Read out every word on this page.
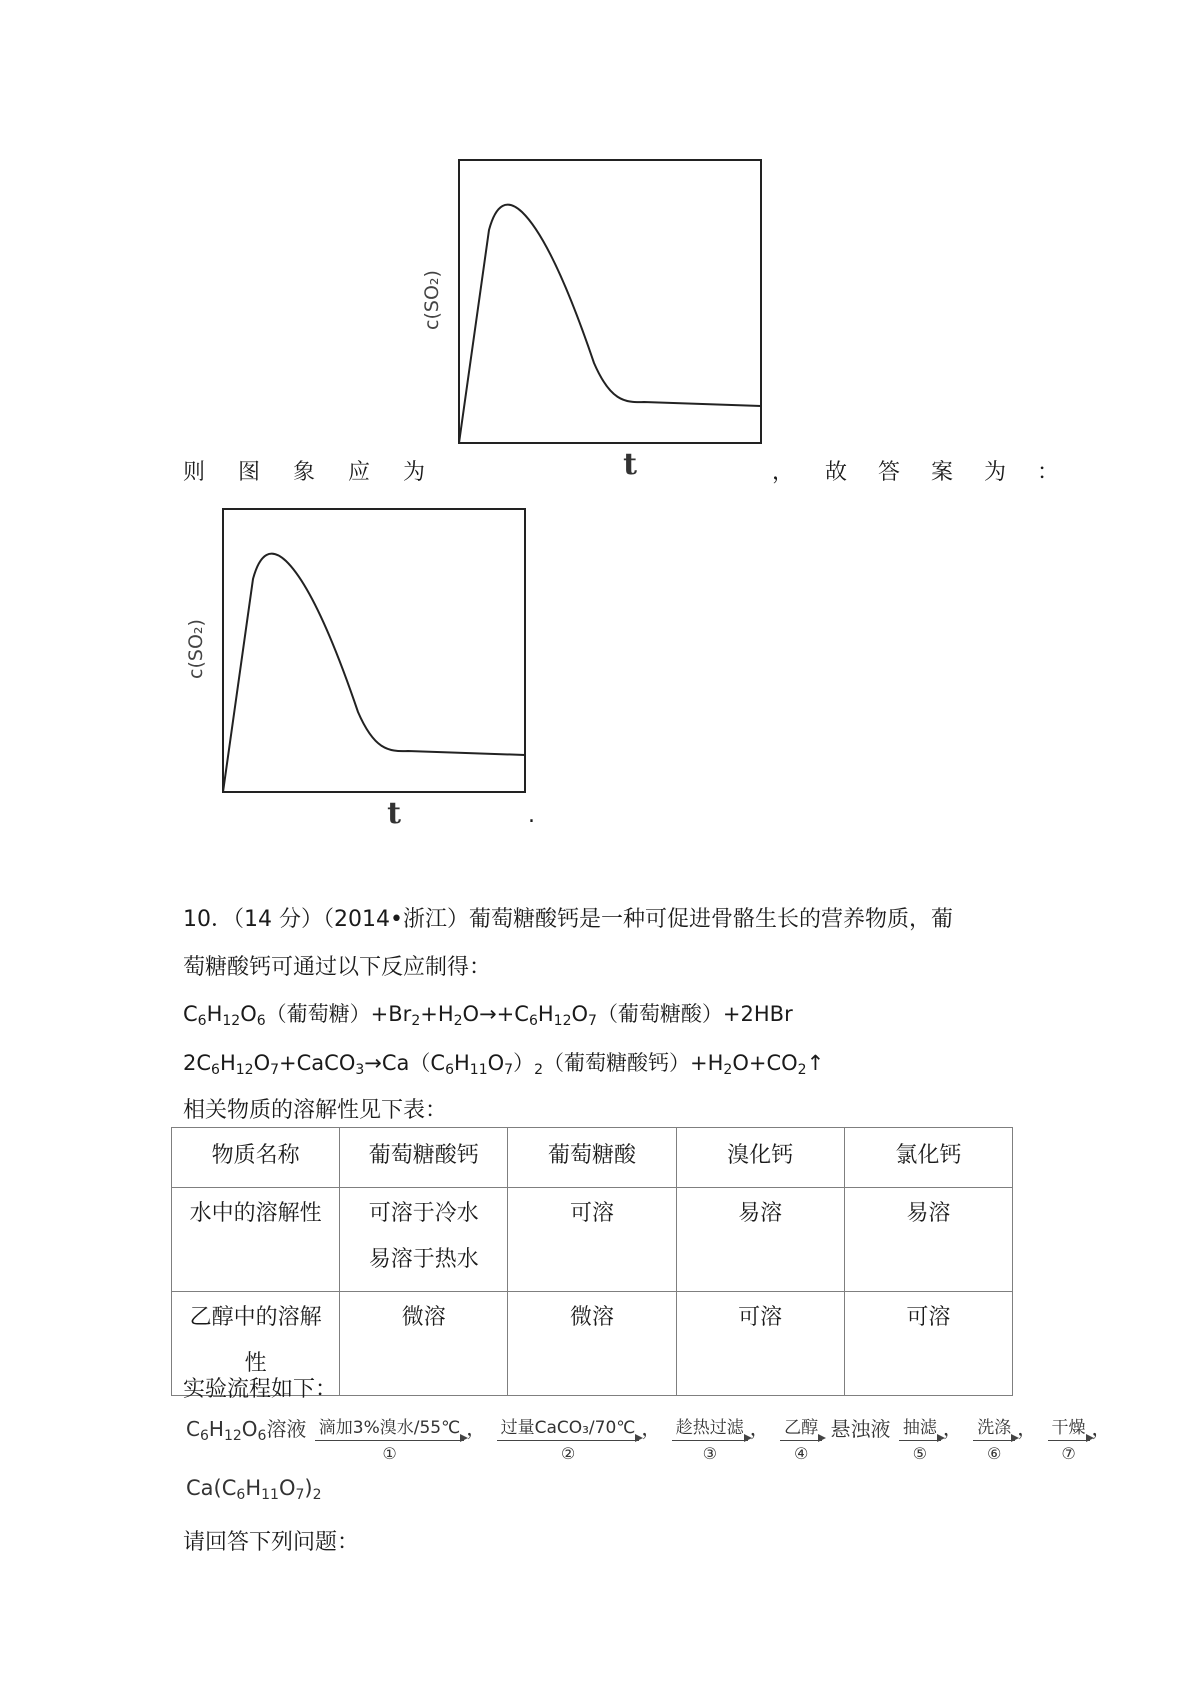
c(SO₂)
t
则 图 象 应 为	， 故 答 案 为 ：
c(SO₂)
t	.
10．（14 分）（2014•浙江）葡萄糖酸钙是一种可促进骨骼生长的营养物质，葡
萄糖酸钙可通过以下反应制得：
$C_6H_{12}O_6$（葡萄糖）$+Br_2+H_2O\to+C_6H_{12}O_7$（葡萄糖酸）+2HBr
$2C_6H_{12}O_7+CaCO_3\to Ca(C_6H_{11}O_7)_2$（葡萄糖酸钙）$+H_2O+CO_2↑$
相关物质的溶解性见下表：
物质名称	葡萄糖酸钙	葡萄糖酸	溴化钙	氯化钙
水中的溶解性	可溶于冷水
易溶于热水	可溶	易溶	易溶

乙醇中的溶解
性	微溶	微溶	可溶	可溶
实验流程如下：
$C_6H_{12}O_6$溶液 滴加3%溴水/55℃
①
， 过量CaCO₃/70℃
②
， 趁热过滤
③
， 乙醇
④
悬浊液 抽滤
⑤
， 洗涤
⑥
， 干燥
⑦
，
$Ca(C_6H_{11}O_7)_2$
请回答下列问题：
